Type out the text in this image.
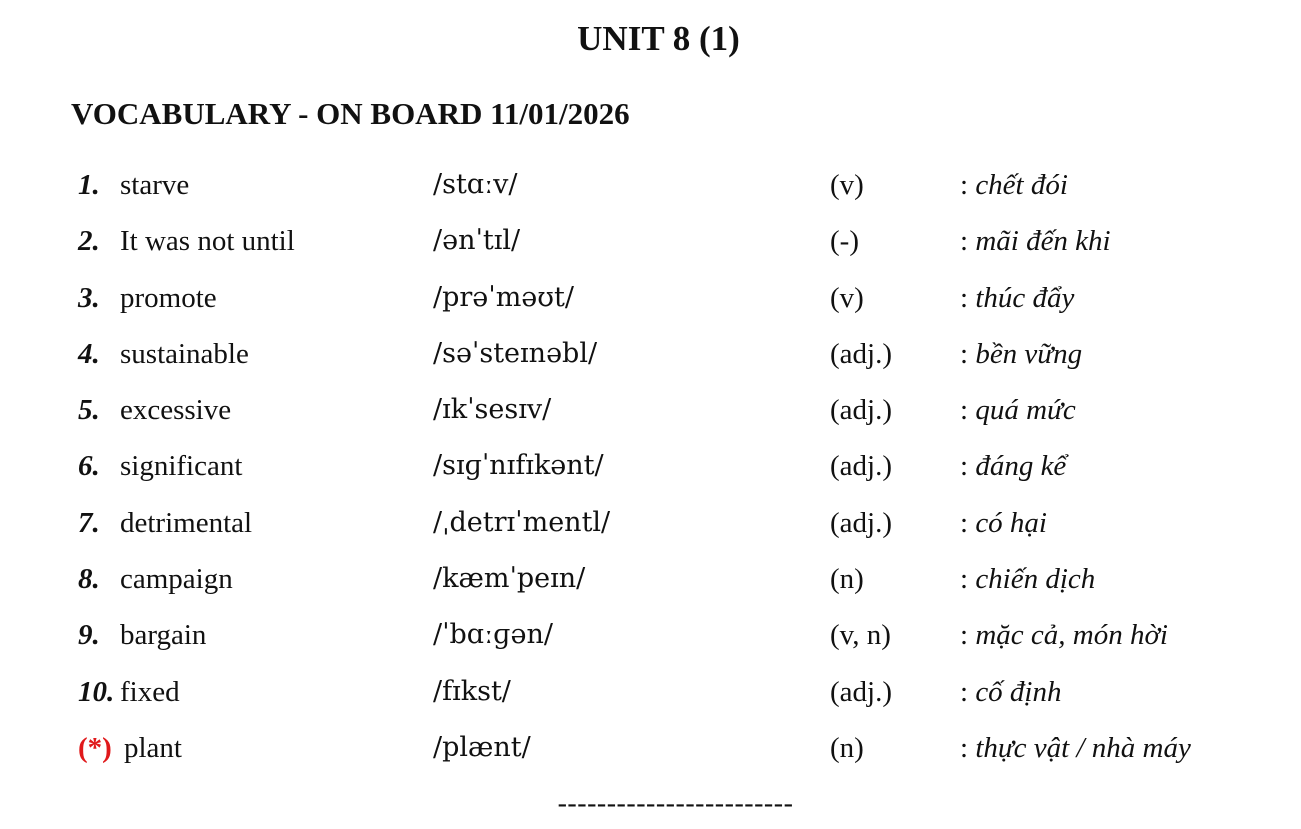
UNIT 8 (1)
VOCABULARY - ON BOARD 11/01/2026
1. starve	/stɑːv/	(v)	: chết đói
2. It was not until	/ənˈtɪl/	(-)	: mãi đến khi
3. promote	/prəˈməʊt/	(v)	: thúc đẩy
4. sustainable	/səˈsteɪnəbl/	(adj.) : bền vững
5. excessive	/ɪkˈsesɪv/	(adj.) : quá mức
6. significant	/sɪɡˈnɪfɪkənt/	(adj.) : đáng kể
7. detrimental	/ˌdetrɪˈmentl/	(adj.) : có hại
8. campaign	/kæmˈpeɪn/	(n)	: chiến dịch
9. bargain	/ˈbɑːɡən/	(v, n) : mặc cả, món hời
10. fixed	/fɪkst/	(adj.) : cố định
(*) plant	/plænt/	(n)	: thực vật / nhà máy
------------------------
